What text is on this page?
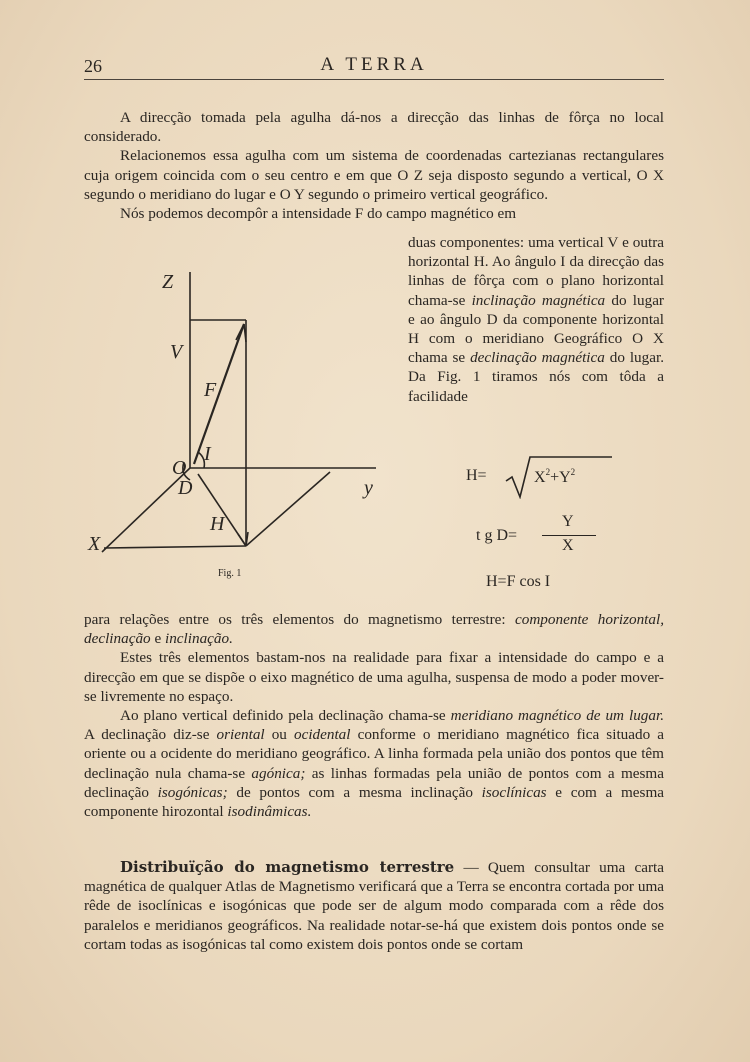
26	A TERRA

A direcção tomada pela agulha dá-nos a direcção das linhas de fôrça no local considerado.

Relacionemos essa agulha com um sistema de coordenadas cartezianas rectangulares cuja origem coincida com o seu centro e em que O Z seja disposto segundo a vertical, O X segundo o meridiano do lugar e O Y segundo o primeiro vertical geográfico.

Nós podemos decompôr a intensidade F do campo magnético em

duas componentes: uma vertical V e outra horizontal H. Ao ângulo I da direcção das linhas de fôrça com o plano horizontal chama-se inclinação magnética do lugar e ao ângulo D da componente horizontal H com o meridiano Geográfico O X chama se declinação magnética do lugar. Da Fig. 1 tiramos nós com tôda a facilidade
Z
V
F
I
O
D
H
X
y
Fig. 1
H=	$X^2+Y^2$
t g D=
Y
X
H=F cos I

para relações entre os três elementos do magnetismo terrestre: componente horizontal, declinação e inclinação.

Estes três elementos bastam-nos na realidade para fixar a intensidade do campo e a direcção em que se dispõe o eixo magnético de uma agulha, suspensa de modo a poder mover-se livremente no espaço.

Ao plano vertical definido pela declinação chama-se meridiano magnético de um lugar. A declinação diz-se oriental ou ocidental conforme o meridiano magnético fica situado a oriente ou a ocidente do meridiano geográfico. A linha formada pela união dos pontos que têm declinação nula chama-se agónica; as linhas formadas pela união de pontos com a mesma declinação isogónicas; de pontos com a mesma inclinação isoclínicas e com a mesma componente hirozontal isodinâmicas.

Distribuïção do magnetismo terrestre — Quem consultar uma carta magnética de qualquer Atlas de Magnetismo verificará que a Terra se encontra cortada por uma rêde de isoclínicas e isogónicas que pode ser de algum modo comparada com a rêde dos paralelos e meridianos geográficos. Na realidade notar-se-há que existem dois pontos onde se cortam todas as isogónicas tal como existem dois pontos onde se cortam
